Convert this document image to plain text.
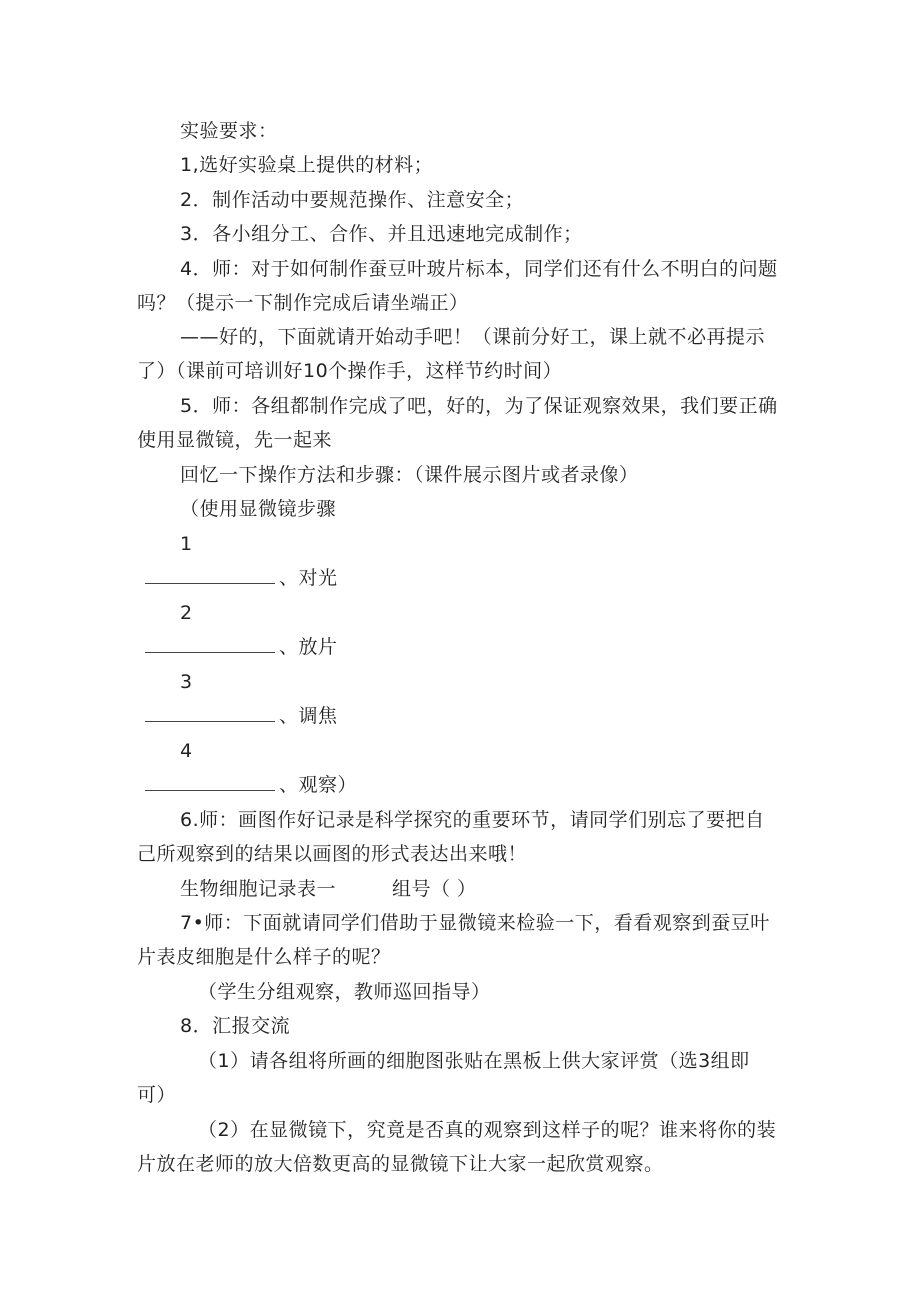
实验要求：
1,选好实验桌上提供的材料；
2．制作活动中要规范操作、注意安全；
3．各小组分工、合作、并且迅速地完成制作；
4．师：对于如何制作蚕豆叶玻片标本，同学们还有什么不明白的问题
吗？（提示一下制作完成后请坐端正）
——好的，下面就请开始动手吧！（课前分好工，课上就不必再提示
了）（课前可培训好10个操作手，这样节约时间）
5．师：各组都制作完成了吧，好的，为了保证观察效果，我们要正确
使用显微镜，先一起来
回忆一下操作方法和步骤：（课件展示图片或者录像）
（使用显微镜步骤
1
、对光
2
、放片
3
、调焦
4
、观察）
6.师：画图作好记录是科学探究的重要环节，请同学们别忘了要把自
己所观察到的结果以画图的形式表达出来哦！
生物细胞记录表一	组号（ ）
7•师：下面就请同学们借助于显微镜来检验一下，看看观察到蚕豆叶
片表皮细胞是什么样子的呢？
（学生分组观察，教师巡回指导）
8．汇报交流
（1）请各组将所画的细胞图张贴在黑板上供大家评赏（选3组即
可）
（2）在显微镜下，究竟是否真的观察到这样子的呢？谁来将你的装
片放在老师的放大倍数更高的显微镜下让大家一起欣赏观察。
